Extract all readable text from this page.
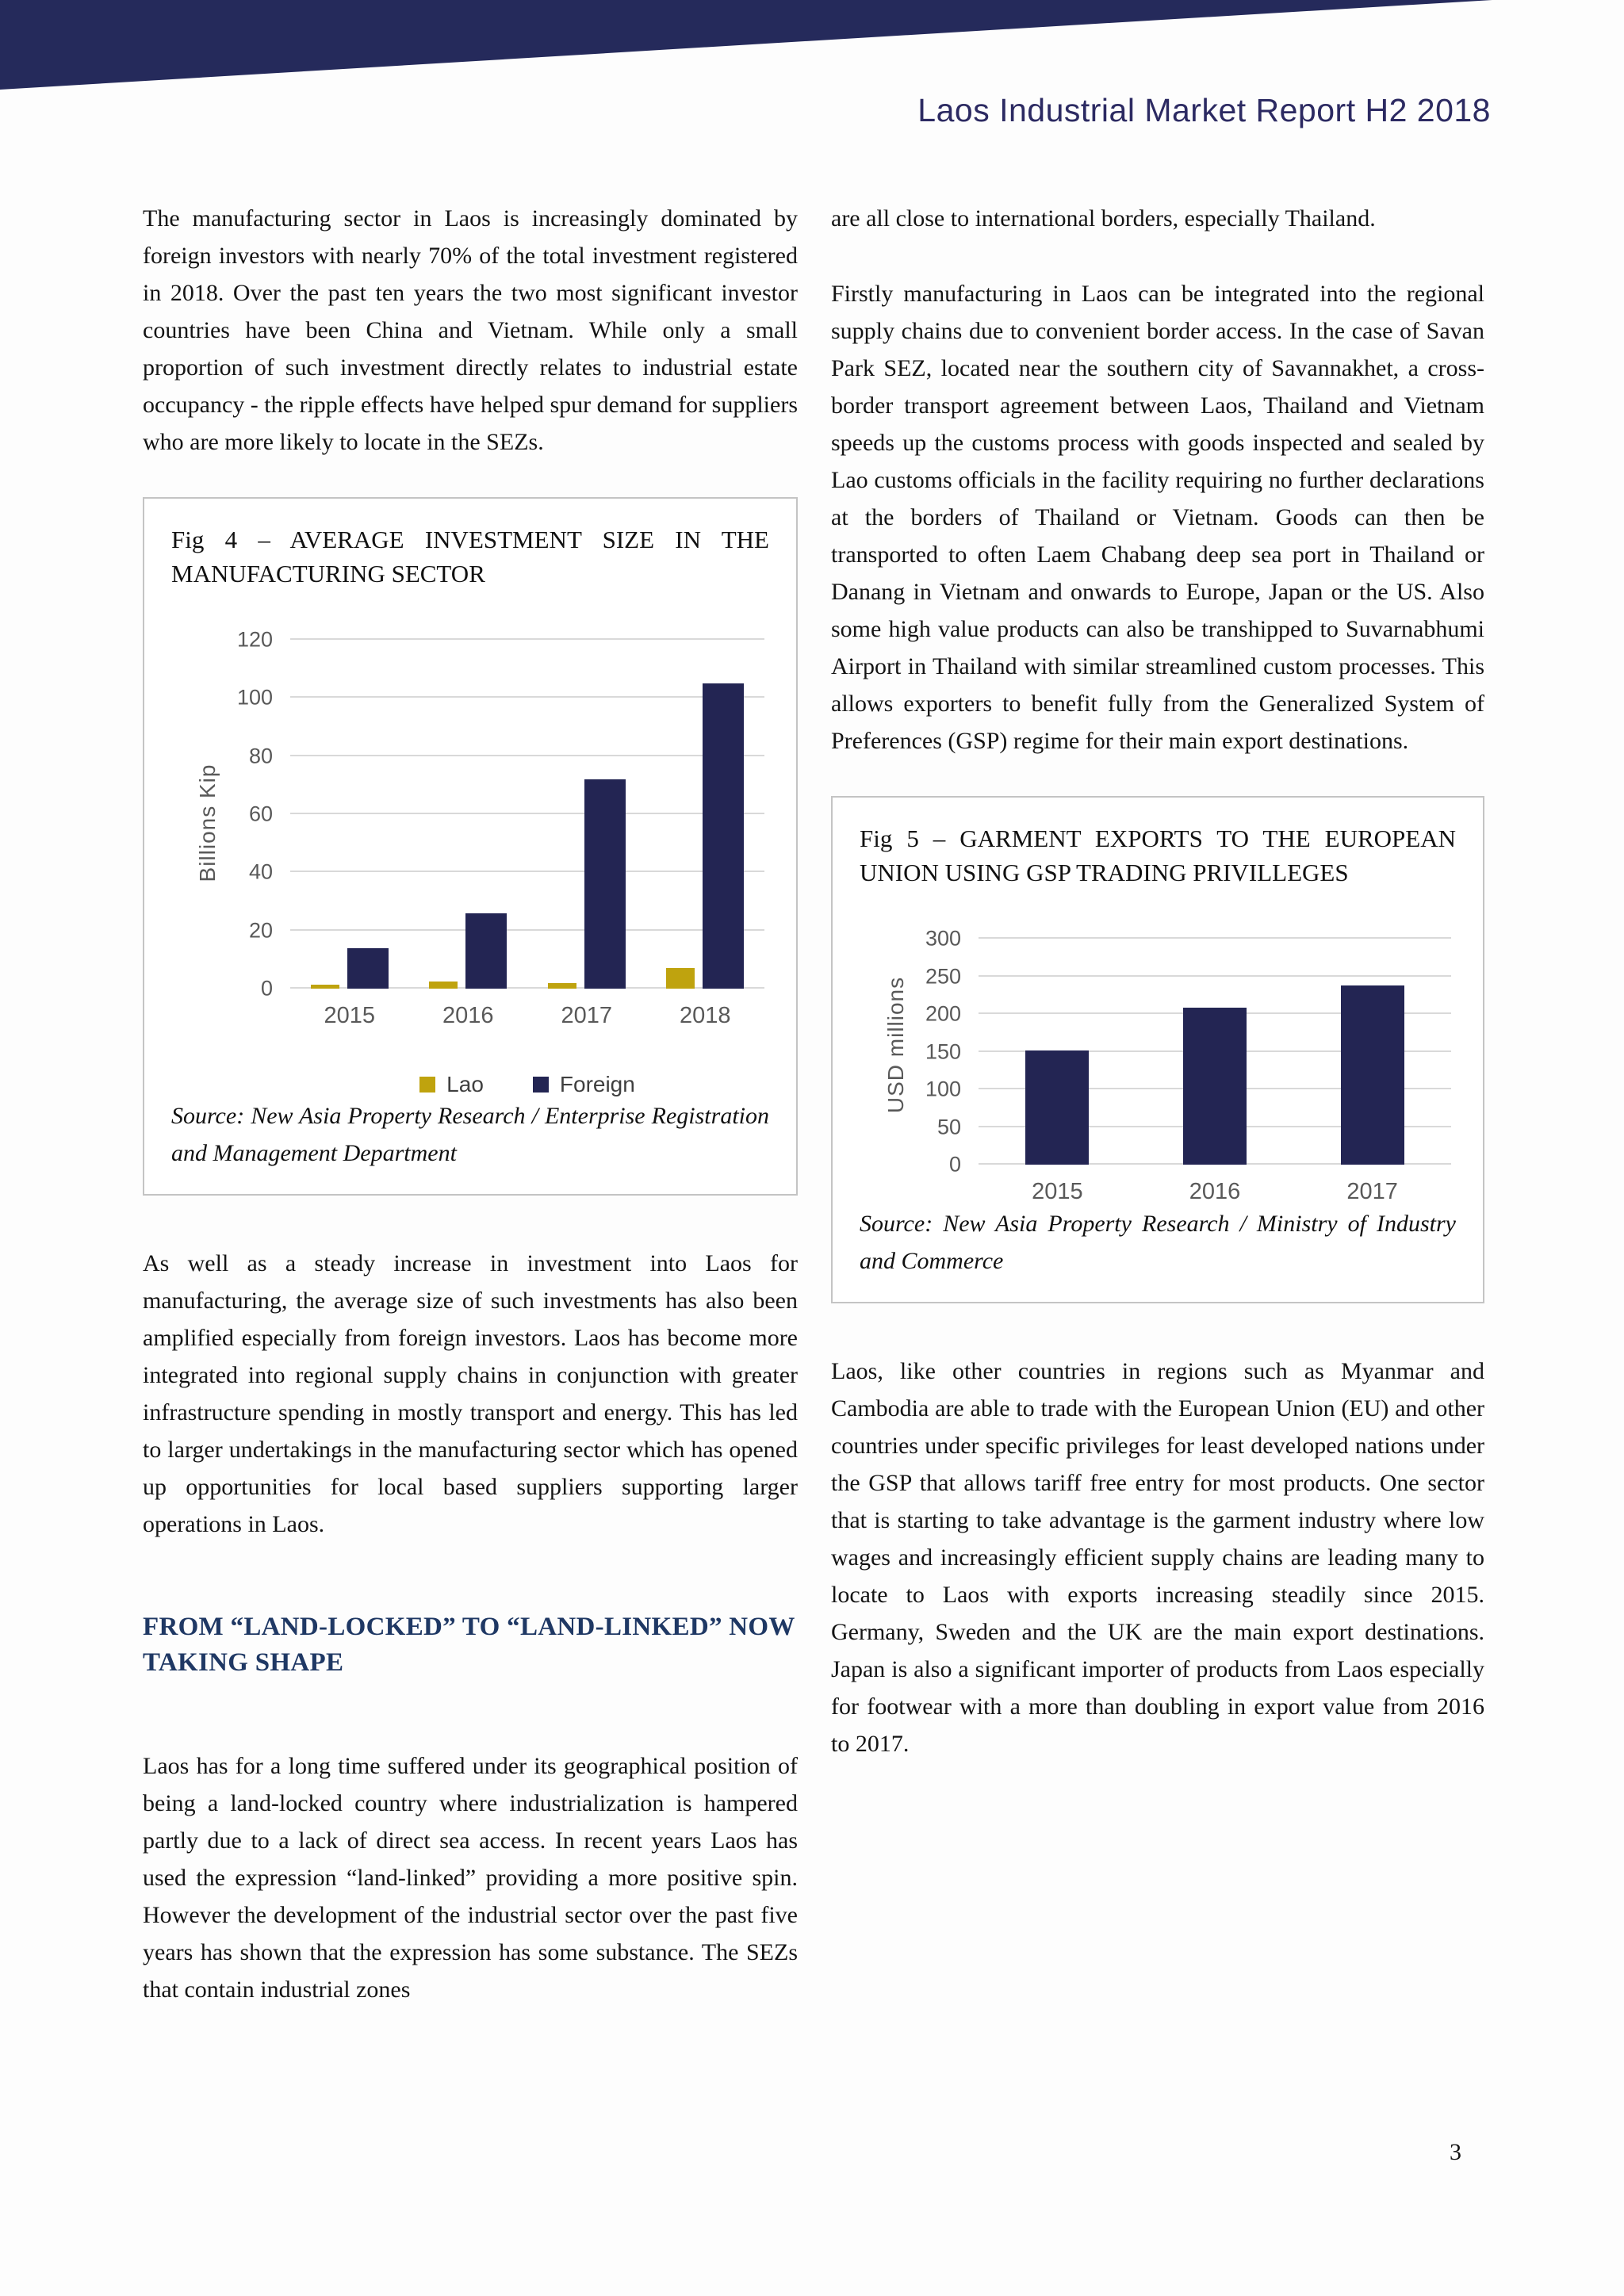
Laos Industrial Market Report H2 2018

The manufacturing sector in Laos is increasingly dominated by foreign investors with nearly 70% of the total investment registered in 2018. Over the past ten years the two most significant investor countries have been China and Vietnam. While only a small proportion of such investment directly relates to industrial estate occupancy - the ripple effects have helped spur demand for suppliers who are more likely to locate in the SEZs.

Fig 4 – AVERAGE INVESTMENT SIZE IN THE MANUFACTURING SECTOR
Billions Kip
0
20
40
60
80
100
120
2015	2016	2017	2018
Lao	Foreign

Source: New Asia Property Research / Enterprise Registration and Management Department

As well as a steady increase in investment into Laos for manufacturing, the average size of such investments has also been amplified especially from foreign investors. Laos has become more integrated into regional supply chains in conjunction with greater infrastructure spending in mostly transport and energy. This has led to larger undertakings in the manufacturing sector which has opened up opportunities for local based suppliers supporting larger operations in Laos.

FROM “LAND-LOCKED” TO “LAND-LINKED” NOW TAKING SHAPE

Laos has for a long time suffered under its geographical position of being a land-locked country where industrialization is hampered partly due to a lack of direct sea access. In recent years Laos has used the expression “land-linked” providing a more positive spin. However the development of the industrial sector over the past five years has shown that the expression has some substance. The SEZs that contain industrial zones

are all close to international borders, especially Thailand.

Firstly manufacturing in Laos can be integrated into the regional supply chains due to convenient border access. In the case of Savan Park SEZ, located near the southern city of Savannakhet, a cross-border transport agreement between Laos, Thailand and Vietnam speeds up the customs process with goods inspected and sealed by Lao customs officials in the facility requiring no further declarations at the borders of Thailand or Vietnam. Goods can then be transported to often Laem Chabang deep sea port in Thailand or Danang in Vietnam and onwards to Europe, Japan or the US. Also some high value products can also be transhipped to Suvarnabhumi Airport in Thailand with similar streamlined custom processes. This allows exporters to benefit fully from the Generalized System of Preferences (GSP) regime for their main export destinations.

Fig 5 – GARMENT EXPORTS TO THE EUROPEAN UNION USING GSP TRADING PRIVILLEGES
USD millions
0
50
100
150
200
250
300
2015	2016	2017

Source: New Asia Property Research / Ministry of Industry and Commerce

Laos, like other countries in regions such as Myanmar and Cambodia are able to trade with the European Union (EU) and other countries under specific privileges for least developed nations under the GSP that allows tariff free entry for most products. One sector that is starting to take advantage is the garment industry where low wages and increasingly efficient supply chains are leading many to locate to Laos with exports increasing steadily since 2015. Germany, Sweden and the UK are the main export destinations. Japan is also a significant importer of products from Laos especially for footwear with a more than doubling in export value from 2016 to 2017.

3
